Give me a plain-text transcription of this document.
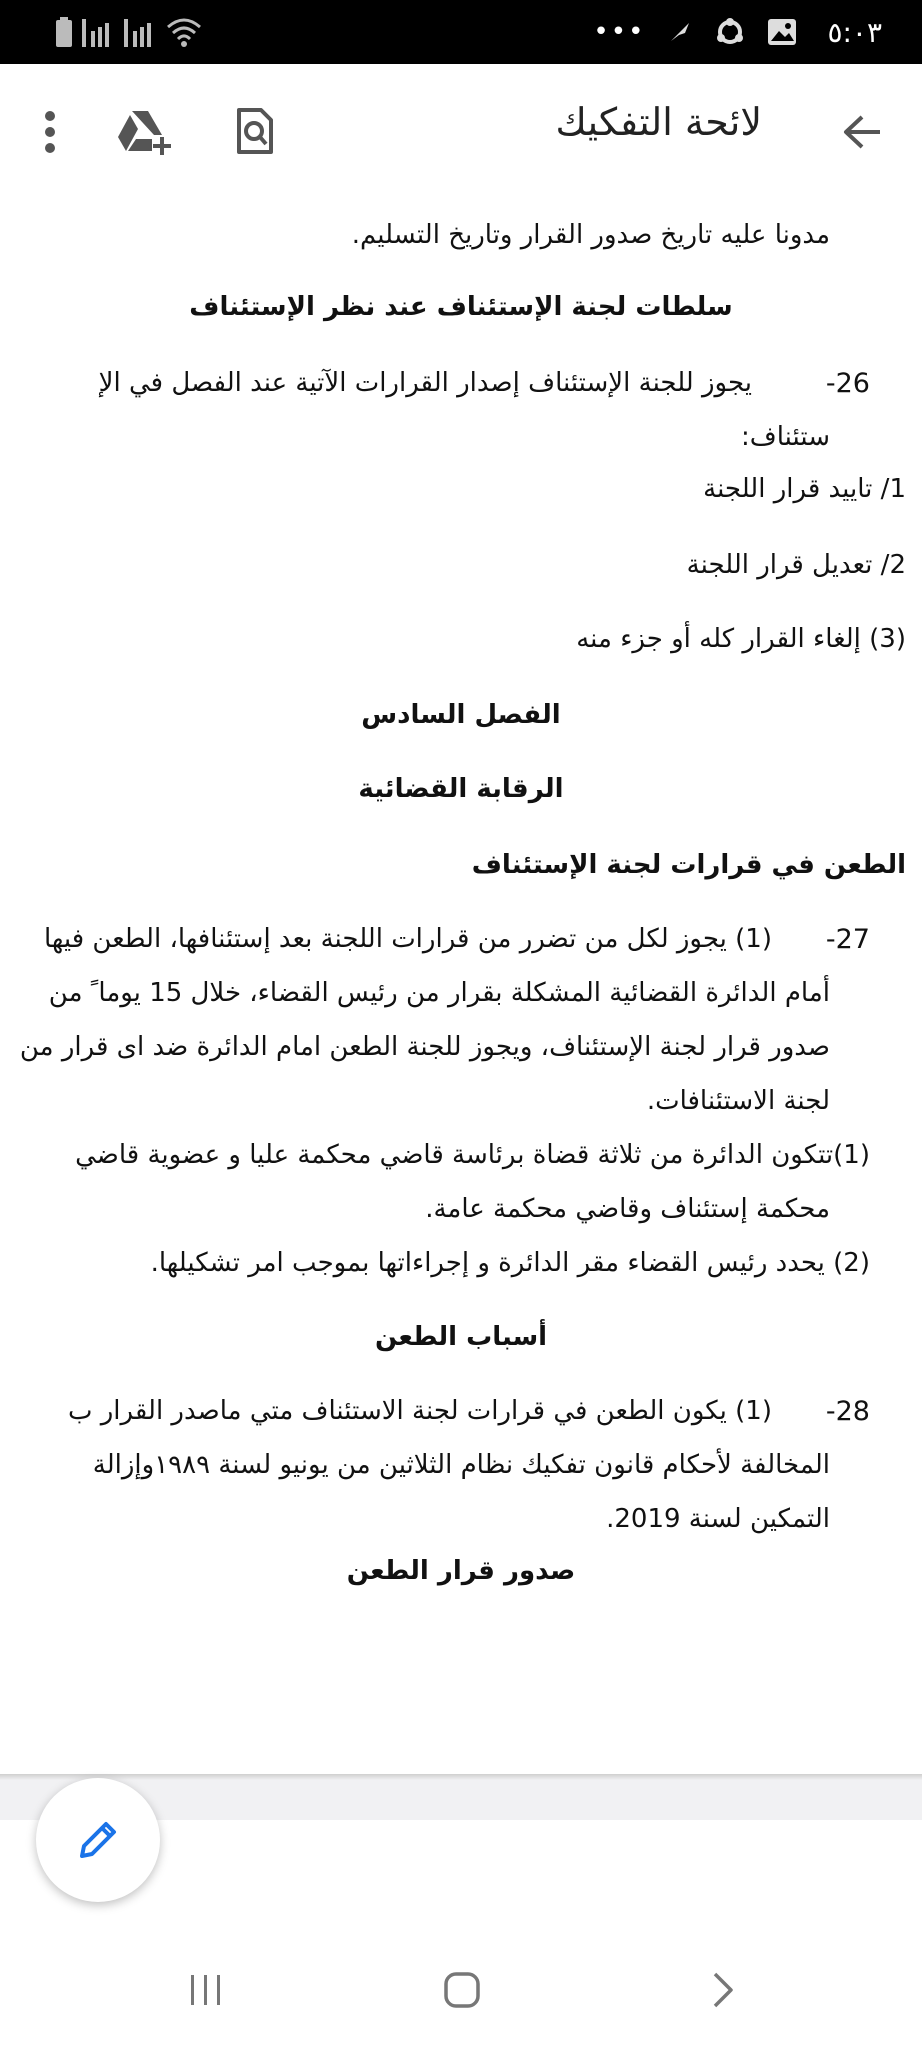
•••	٥:٠٣
لائحة التفكيك
مدونا عليه تاريخ صدور القرار وتاريخ التسليم.
سلطات لجنة الإستئناف عند نظر الإستئناف
-26
يجوز للجنة الإستئناف إصدار القرارات الآتية عند الفصل في الإ
ستئناف:
1/ تاييد قرار اللجنة
2/ تعديل قرار اللجنة
(3) إلغاء القرار كله أو جزء منه
الفصل السادس
الرقابة القضائية
الطعن في قرارات لجنة الإستئناف
-27
(1) يجوز لكل من تضرر من قرارات اللجنة بعد إستئنافها، الطعن فيها
أمام الدائرة القضائية المشكلة بقرار من رئيس القضاء، خلال 15 يوما ً من
صدور قرار لجنة الإستئناف، ويجوز للجنة الطعن امام الدائرة ضد اى قرار من
لجنة الاستئنافات.
(1)تتكون الدائرة من ثلاثة قضاة برئاسة قاضي محكمة عليا و عضوية قاضي
محكمة إستئناف وقاضي محكمة عامة.
(2) يحدد رئيس القضاء مقر الدائرة و إجراءاتها بموجب امر تشكيلها.
أسباب الطعن
-28
(1) يكون الطعن في قرارات لجنة الاستئناف متي ماصدر القرار ب
المخالفة لأحكام قانون تفكيك نظام الثلاثين من يونيو لسنة ١٩٨٩وإزالة
التمكين لسنة 2019.
صدور قرار الطعن
